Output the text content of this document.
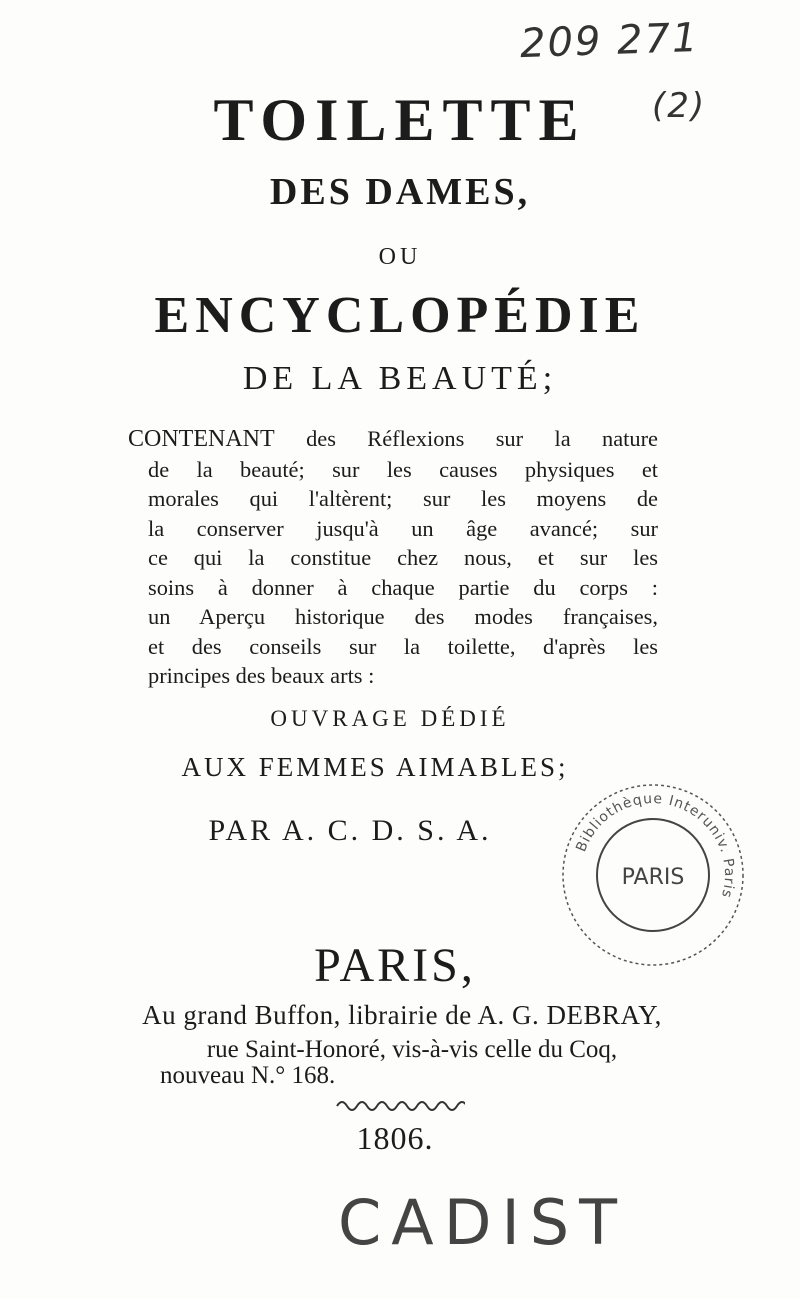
209 271
(2)
TOILETTE
DES DAMES,
OU
ENCYCLOPÉDIE
DE LA BEAUTÉ;
CONTENANT des Réflexions sur la nature
de la beauté; sur les causes physiques et
morales qui l'altèrent; sur les moyens de
la conserver jusqu'à un âge avancé; sur
ce qui la constitue chez nous, et sur les
soins à donner à chaque partie du corps :
un Aperçu historique des modes françaises,
et des conseils sur la toilette, d'après les
principes des beaux arts :
OUVRAGE DÉDIÉ
AUX FEMMES AIMABLES;
PAR A. C. D. S. A.	Bibliothèque Interuniv. Paris
PARIS
PARIS,
Au grand Buffon, librairie de A. G. DEBRAY,
rue Saint-Honoré, vis-à-vis celle du Coq,
nouveau N.° 168.
1806.
CADIST
